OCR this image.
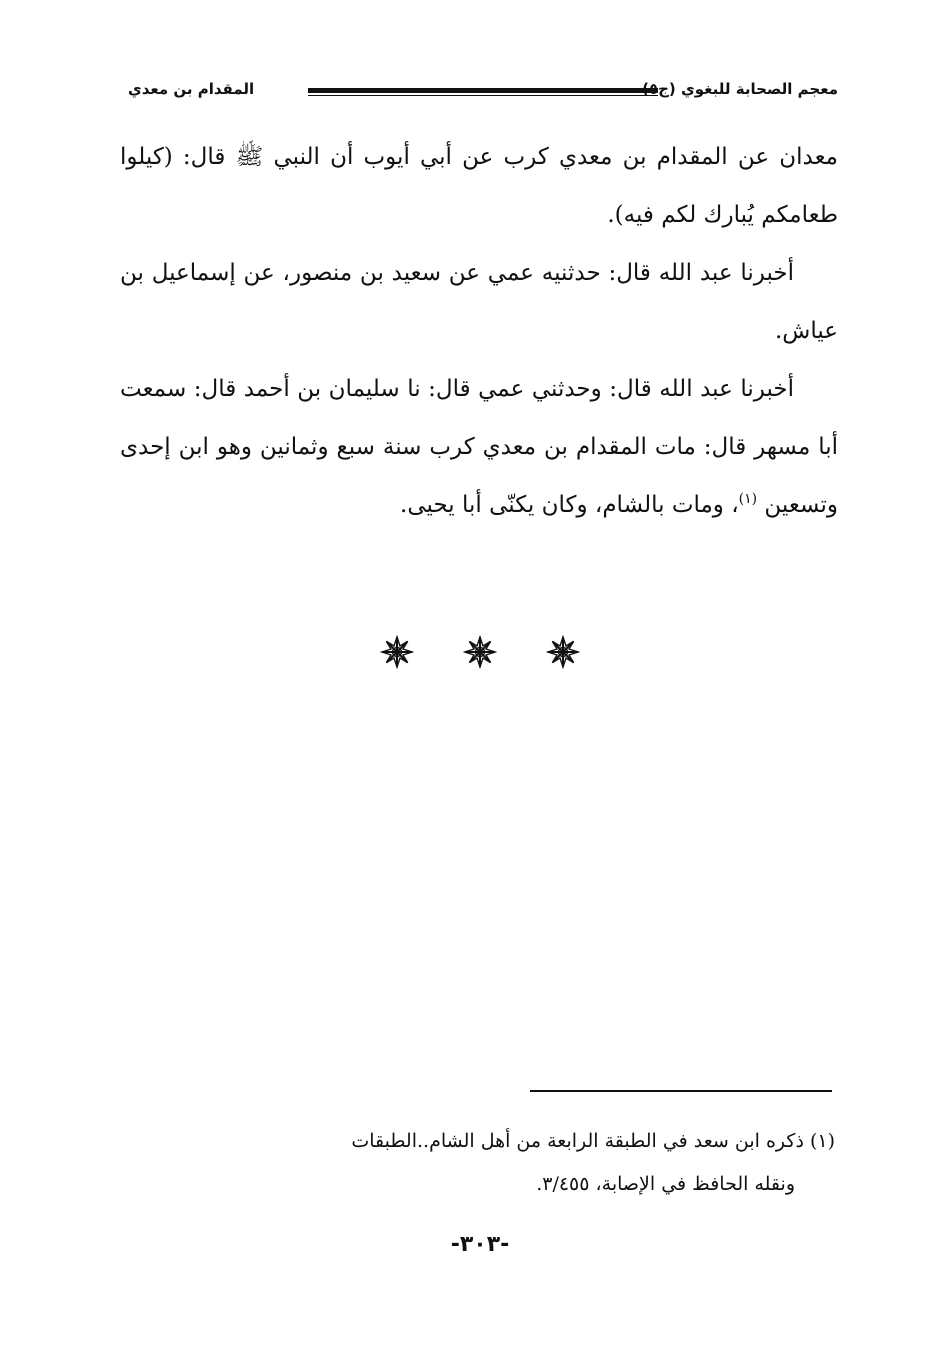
معجم الصحابة للبغوي (ج
المقدام بن معدي

معدان عن المقدام بن معدي كرب عن أبي أيوب أن النبي ﷺ قال: (كيلوا طعامكم يُبارك لكم فيه).

أخبرنا عبد الله قال: حدثنيه عمي عن سعيد بن منصور، عن إسماعيل بن عياش.

أخبرنا عبد الله قال: وحدثني عمي قال: نا سليمان بن أحمد قال: سمعت أبا مسهر قال: مات المقدام بن معدي كرب سنة سبع وثمانين وهو ابن إحدى وتسعين $^{(١)}$، ومات بالشام، وكان يكنّى أبا يحيى.

(١) ذكره ابن سعد في الطبقة الرابعة من أهل الشام..الطبقات

ونقله الحافظ في الإصابة، ٣/٤٥٥.

-٣٠٣-
